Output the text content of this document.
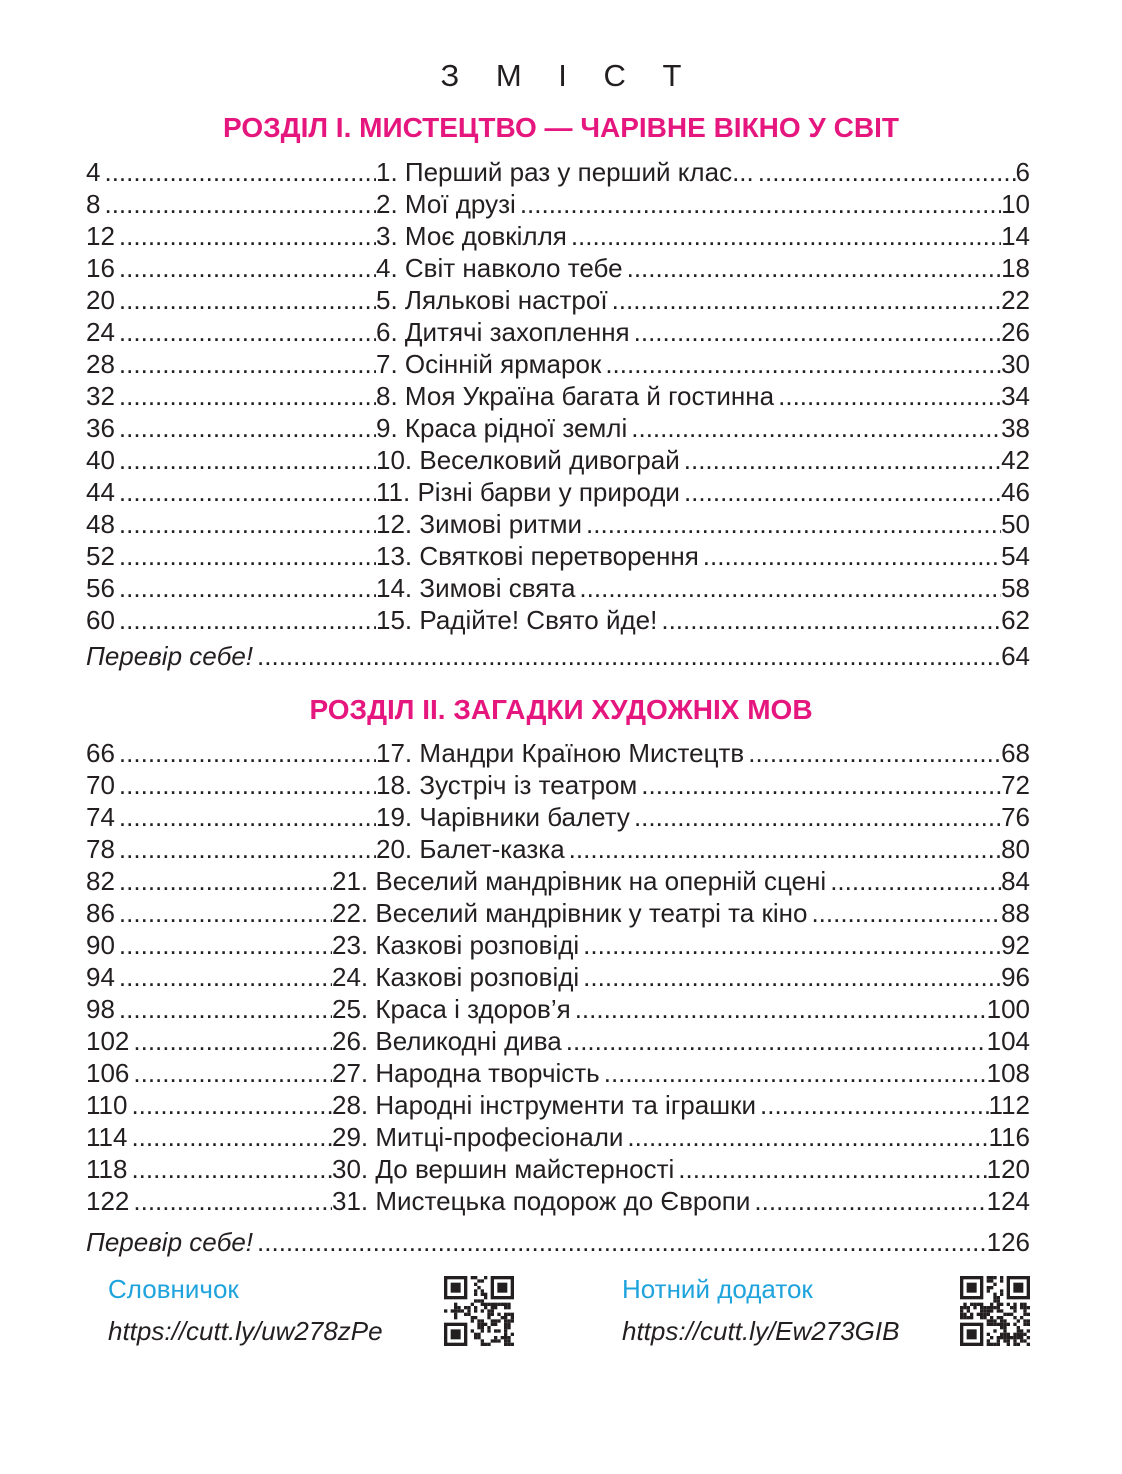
З М І С Т
РОЗДІЛ І. МИСТЕЦТВО — ЧАРІВНЕ ВІКНО У СВІТ
4 .....	1. Перший раз у перший клас... .....	6
8 .....	2. Мої друзі .....	10
12 .....	3. Моє довкілля .....	14
16 .....	4. Світ навколо тебе .....	18
20 .....	5. Лялькові настрої .....	22
24 .....	6. Дитячі захоплення .....	26
28 .....	7. Осінній ярмарок .....	30
32 .....	8. Моя Україна багата й гостинна .....	34
36 .....	9. Краса рідної землі .....	38
40 .....	10. Веселковий дивограй .....	42
44 .....	11. Різні барви у природи .....	46
48 .....	12. Зимові ритми .....	50
52 .....	13. Святкові перетворення .....	54
56 .....	14. Зимові свята .....	58
60 .....	15. Радійте! Свято йде! .....	62
Перевір себе! .....	64
РОЗДІЛ ІІ. ЗАГАДКИ ХУДОЖНІХ МОВ
66 .....	17. Мандри Країною Мистецтв .....	68
70 .....	18. Зустріч із театром .....	72
74 .....	19. Чарівники балету .....	76
78 .....	20. Балет-казка .....	80
82 .....	21. Веселий мандрівник на оперній сцені .....	84
86 .....	22. Веселий мандрівник у театрі та кіно .....	88
90 .....	23. Казкові розповіді .....	92
94 .....	24. Казкові розповіді .....	96
98 .....	25. Краса і здоров’я .....	100
102 .....	26. Великодні дива .....	104
106 .....	27. Народна творчість .....	108
110 .....	28. Народні інструменти та іграшки .....	112
114 .....	29. Митці-професіонали .....	116
118 .....	30. До вершин майстерності .....	120
122 .....	31. Мистецька подорож до Європи .....	124
Перевір себе! .....	126
Словничок
https://cutt.ly/uw278zPe
Нотний додаток
https://cutt.ly/Ew273GIB
